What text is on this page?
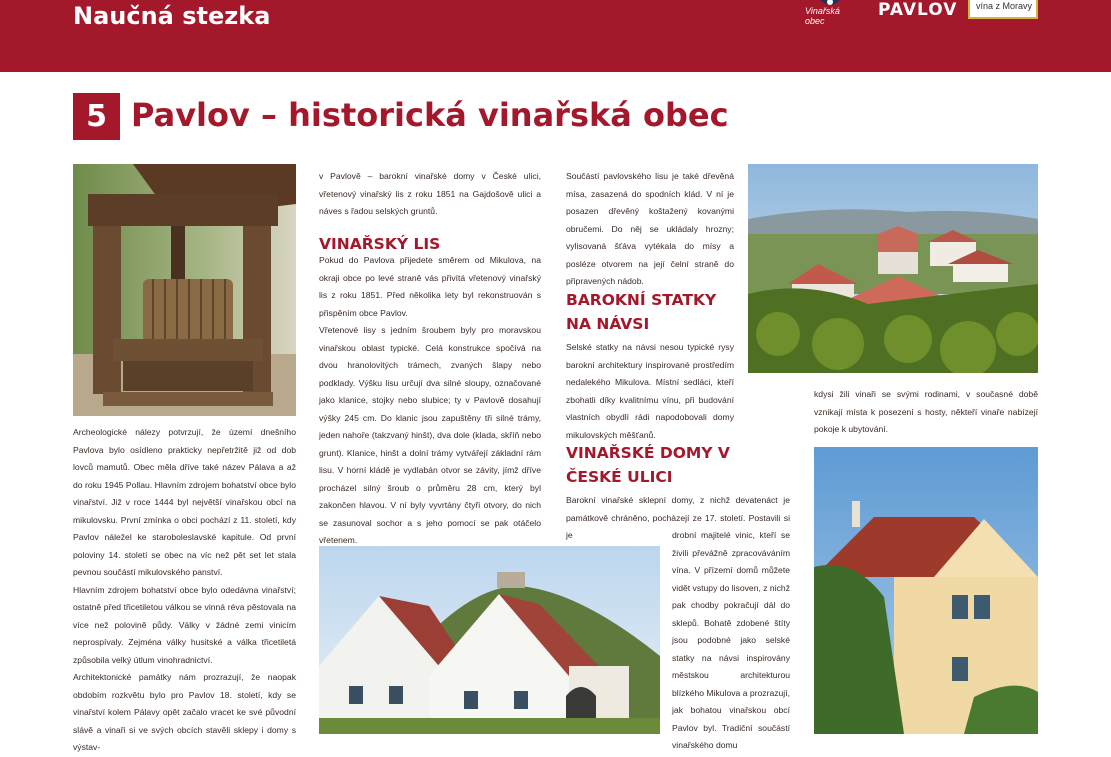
Naučná stezka	Vinařská obec
PAVLOV vína z Moravy
5 Pavlov – historická vinařská obec

Archeologické nálezy potvrzují, že území dnešního Pavlova bylo osídleno prakticky nepřetržitě již od dob lovců mamutů. Obec měla dříve také název Pálava a až do roku 1945 Pollau. Hlavním zdrojem bohatství obce bylo vinařství. Již v roce 1444 byl největší vinařskou obcí na mikulovsku. První zmínka o obci pochází z 11. století, kdy Pavlov náležel ke staroboleslavské kapitule. Od první poloviny 14. století se obec na víc než pět set let stala pevnou součástí mikulovského panství.

Hlavním zdrojem bohatství obce bylo odedávna vinařství; ostatně před třicetiletou válkou se vinná réva pěstovala na více než polovině půdy. Války v žádné zemi vinicím neprospívaly. Zejména války husitské a válka třicetiletá způsobila velký útlum vinohradnictví.

Architektonické památky nám prozrazují, že naopak obdobím rozkvětu bylo pro Pavlov 18. století, kdy se vinařství kolem Pálavy opět začalo vracet ke své původní slávě a vinaři si ve svých obcích stavěli sklepy i domy s výstav-

v Pavlově – barokní vinařské domy v České ulici, vřetenový vinařský lis z roku 1851 na Gajdošově ulici a náves s řadou selských gruntů.

VINAŘSKÝ LIS

Pokud do Pavlova přijedete směrem od Mikulova, na okraji obce po levé straně vás přivítá vřetenový vinařský lis z roku 1851. Před několika lety byl rekonstruován s přispěním obce Pavlov.

Vřetenové lisy s jedním šroubem byly pro moravskou vinařskou oblast typické. Celá konstrukce spočívá na dvou hranolovitých trámech, zvaných šlapy nebo podklady. Výšku lisu určují dva silné sloupy, označované jako klanice, stojky nebo slubice; ty v Pavlově dosahují výšky 245 cm. Do klanic jsou zapuštěny tři silné trámy, jeden nahoře (takzvaný hinšt), dva dole (klada, skříň nebo grunt). Klanice, hinšt a dolní trámy vytvářejí základní rám lisu. V horní kládě je vydlabán otvor se závity, jímž dříve procházel silný šroub o průměru 28 cm, který byl zakončen hlavou. V ní byly vyvrtány čtyři otvory, do nich se zasunoval sochor a s jeho pomocí se pak otáčelo vřetenem.

Součástí pavlovského lisu je také dřevěná mísa, zasazená do spodních klád. V ní je posazen dřevěný koštažený kovanými obručemi. Do něj se ukládaly hrozny; vylisovaná šťáva vytékala do mísy a posléze otvorem na její čelní straně do připravených nádob.

BAROKNÍ STATKY NA NÁVSI

Selské statky na návsi nesou typické rysy barokní architektury inspirované prostředím nedalekého Mikulova. Místní sedláci, kteří zbohatli díky kvalitnímu vínu, při budování vlastních obydlí rádi napodobovali domy mikulovských měšťanů.

VINAŘSKÉ DOMY V ČESKÉ ULICI

Barokní vinařské sklepní domy, z nichž devatenáct je památkově chráněno, pocházejí ze 17. století. Postavili si je	drobní majitelé vinic, kteří se živili převážně zpracováváním vína. V přízemí domů můžete vidět vstupy do lisoven, z nichž pak chodby pokračují dál do sklepů. Bohatě zdobené štíty jsou podobné jako selské statky na návsi inspirovány městskou architekturou blízkého Mikulova a prozrazují, jak bohatou vinařskou obcí Pavlov byl. Tradiční součástí vinařského domu

kdysi žili vinaři se svými rodinami, v současné době vznikají místa k posezení s hosty, někteří vinaře nabízejí pokoje k ubytování.
